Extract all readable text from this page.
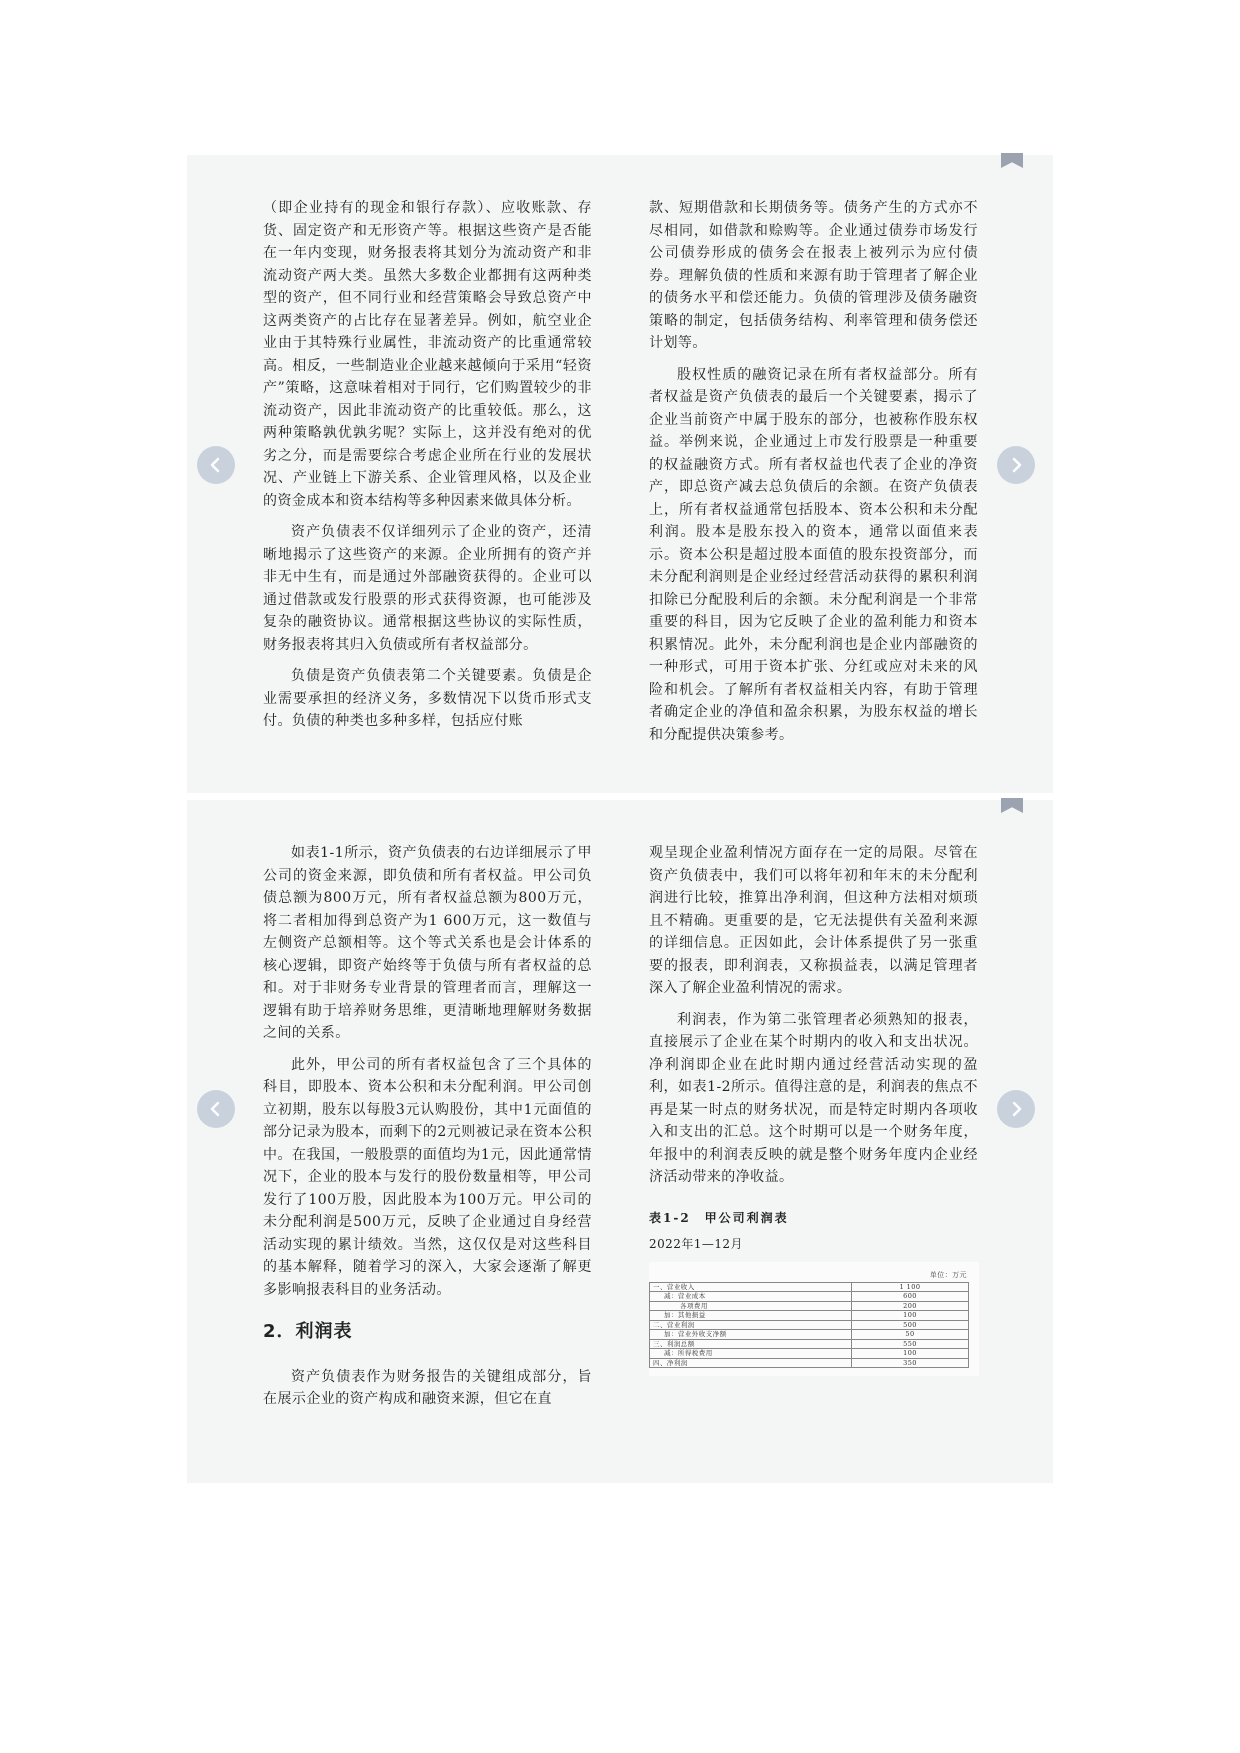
（即企业持有的现金和银行存款）、应收账款、存货、固定资产和无形资产等。根据这些资产是否能在一年内变现，财务报表将其划分为流动资产和非流动资产两大类。虽然大多数企业都拥有这两种类型的资产，但不同行业和经营策略会导致总资产中这两类资产的占比存在显著差异。例如，航空业企业由于其特殊行业属性，非流动资产的比重通常较高。相反，一些制造业企业越来越倾向于采用“轻资产”策略，这意味着相对于同行，它们购置较少的非流动资产，因此非流动资产的比重较低。那么，这两种策略孰优孰劣呢？实际上，这并没有绝对的优劣之分，而是需要综合考虑企业所在行业的发展状况、产业链上下游关系、企业管理风格，以及企业的资金成本和资本结构等多种因素来做具体分析。

资产负债表不仅详细列示了企业的资产，还清晰地揭示了这些资产的来源。企业所拥有的资产并非无中生有，而是通过外部融资获得的。企业可以通过借款或发行股票的形式获得资源，也可能涉及复杂的融资协议。通常根据这些协议的实际性质，财务报表将其归入负债或所有者权益部分。

负债是资产负债表第二个关键要素。负债是企业需要承担的经济义务，多数情况下以货币形式支付。负债的种类也多种多样，包括应付账

款、短期借款和长期债务等。债务产生的方式亦不尽相同，如借款和赊购等。企业通过债券市场发行公司债券形成的债务会在报表上被列示为应付债券。理解负债的性质和来源有助于管理者了解企业的债务水平和偿还能力。负债的管理涉及债务融资策略的制定，包括债务结构、利率管理和债务偿还计划等。

股权性质的融资记录在所有者权益部分。所有者权益是资产负债表的最后一个关键要素，揭示了企业当前资产中属于股东的部分，也被称作股东权益。举例来说，企业通过上市发行股票是一种重要的权益融资方式。所有者权益也代表了企业的净资产，即总资产减去总负债后的余额。在资产负债表上，所有者权益通常包括股本、资本公积和未分配利润。股本是股东投入的资本，通常以面值来表示。资本公积是超过股本面值的股东投资部分，而未分配利润则是企业经过经营活动获得的累积利润扣除已分配股利后的余额。未分配利润是一个非常重要的科目，因为它反映了企业的盈利能力和资本积累情况。此外，未分配利润也是企业内部融资的一种形式，可用于资本扩张、分红或应对未来的风险和机会。了解所有者权益相关内容，有助于管理者确定企业的净值和盈余积累，为股东权益的增长和分配提供决策参考。

如表1-1所示，资产负债表的右边详细展示了甲公司的资金来源，即负债和所有者权益。甲公司负债总额为800万元，所有者权益总额为800万元，将二者相加得到总资产为1 600万元，这一数值与左侧资产总额相等。这个等式关系也是会计体系的核心逻辑，即资产始终等于负债与所有者权益的总和。对于非财务专业背景的管理者而言，理解这一逻辑有助于培养财务思维，更清晰地理解财务数据之间的关系。

此外，甲公司的所有者权益包含了三个具体的科目，即股本、资本公积和未分配利润。甲公司创立初期，股东以每股3元认购股份，其中1元面值的部分记录为股本，而剩下的2元则被记录在资本公积中。在我国，一般股票的面值均为1元，因此通常情况下，企业的股本与发行的股份数量相等，甲公司发行了100万股，因此股本为100万元。甲公司的未分配利润是500万元，反映了企业通过自身经营活动实现的累计绩效。当然，这仅仅是对这些科目的基本解释，随着学习的深入，大家会逐渐了解更多影响报表科目的业务活动。

2．利润表

资产负债表作为财务报告的关键组成部分，旨在展示企业的资产构成和融资来源，但它在直

观呈现企业盈利情况方面存在一定的局限。尽管在资产负债表中，我们可以将年初和年末的未分配利润进行比较，推算出净利润，但这种方法相对烦琐且不精确。更重要的是，它无法提供有关盈利来源的详细信息。正因如此，会计体系提供了另一张重要的报表，即利润表，又称损益表，以满足管理者深入了解企业盈利情况的需求。

利润表，作为第二张管理者必须熟知的报表，直接展示了企业在某个时期内的收入和支出状况。净利润即企业在此时期内通过经营活动实现的盈利，如表1-2所示。值得注意的是，利润表的焦点不再是某一时点的财务状况，而是特定时期内各项收入和支出的汇总。这个时期可以是一个财务年度，年报中的利润表反映的就是整个财务年度内企业经济活动带来的净收益。

表1-2　甲公司利润表

2022年1—12月

单位：万元
一、营业收入	1 100
减：营业成本	600
各项费用	200
加：其他损益	100
二、营业利润	500
加：营业外收支净额	50
三、利润总额	550
减：所得税费用	100
四、净利润	350
